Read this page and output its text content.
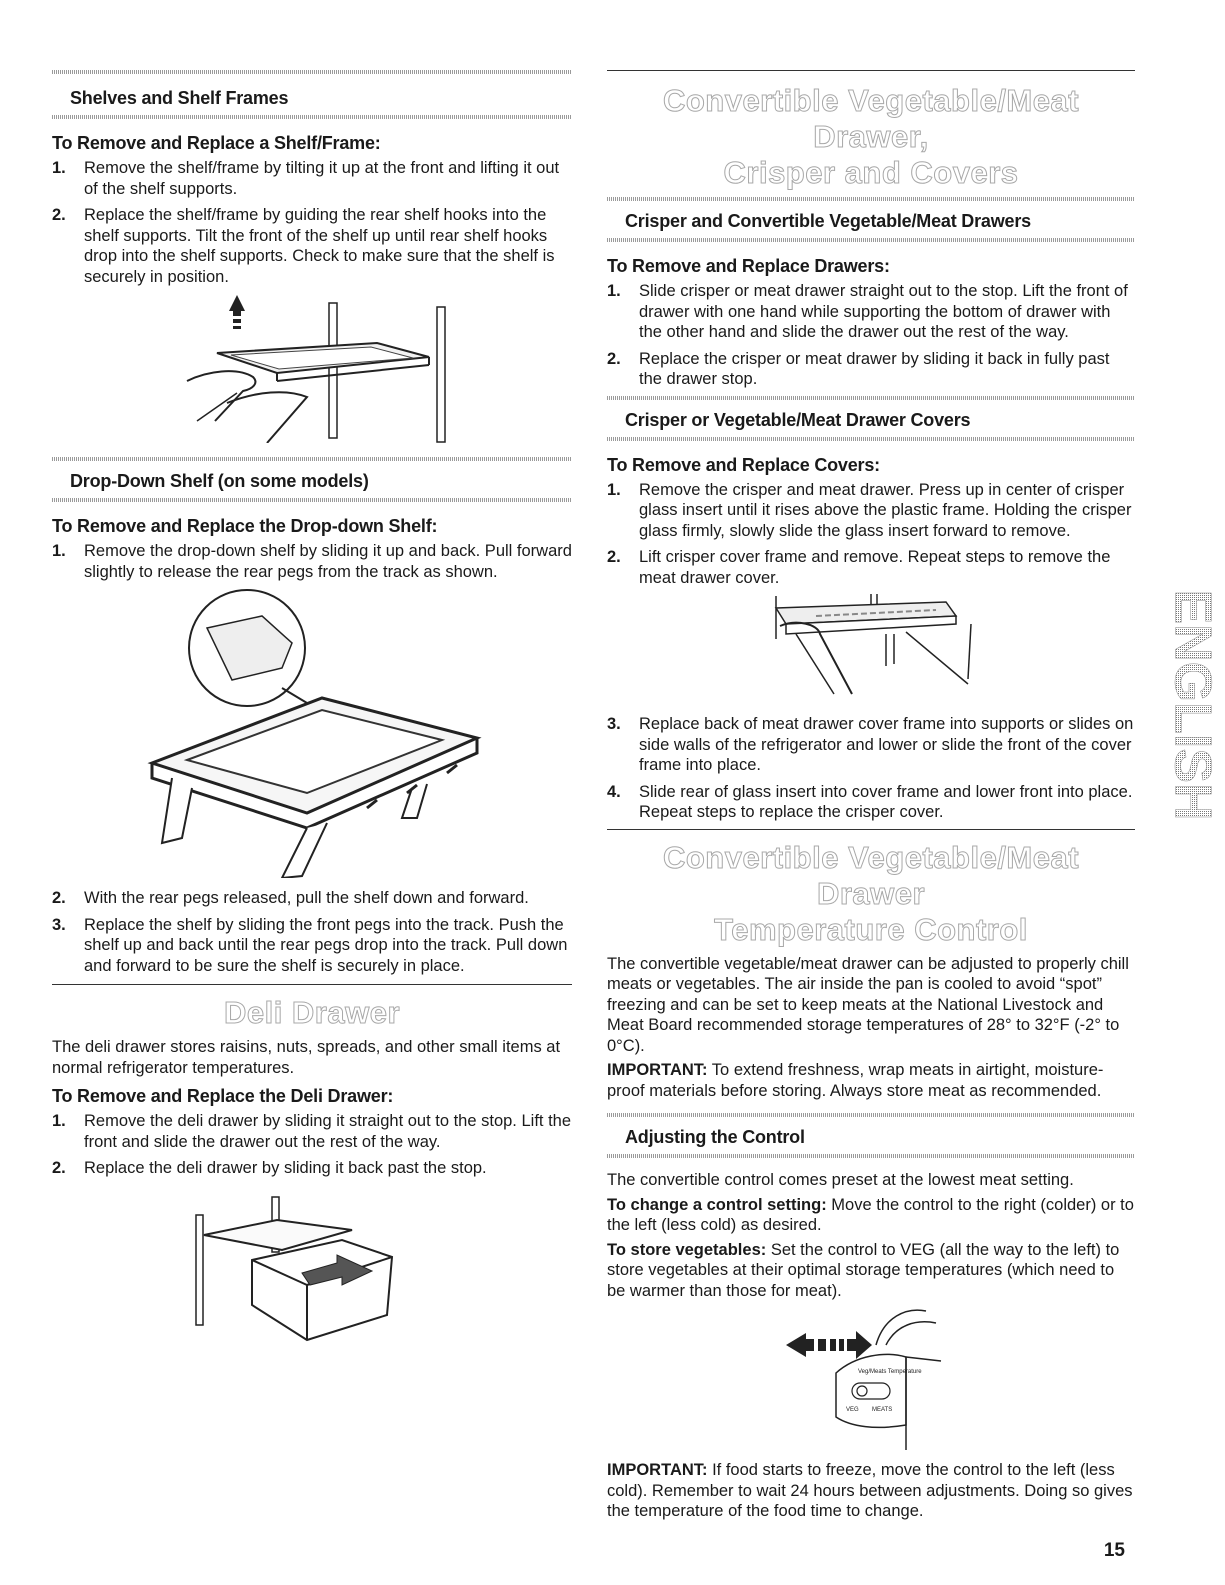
Shelves and Shelf Frames
To Remove and Replace a Shelf/Frame:
1. Remove the shelf/frame by tilting it up at the front and lifting it out of the shelf supports.
2. Replace the shelf/frame by guiding the rear shelf hooks into the shelf supports. Tilt the front of the shelf up until rear shelf hooks drop into the shelf supports. Check to make sure that the shelf is securely in position.
Drop-Down Shelf (on some models)
To Remove and Replace the Drop-down Shelf:
1. Remove the drop-down shelf by sliding it up and back. Pull forward slightly to release the rear pegs from the track as shown.
2. With the rear pegs released, pull the shelf down and forward.
3. Replace the shelf by sliding the front pegs into the track. Push the shelf up and back until the rear pegs drop into the track. Pull down and forward to be sure the shelf is securely in place.
Deli Drawer

The deli drawer stores raisins, nuts, spreads, and other small items at normal refrigerator temperatures.

To Remove and Replace the Deli Drawer:
1. Remove the deli drawer by sliding it straight out to the stop. Lift the front and slide the drawer out the rest of the way.
2. Replace the deli drawer by sliding it back past the stop.
Convertible Vegetable/Meat Drawer,
Crisper and Covers
Crisper and Convertible Vegetable/Meat Drawers
To Remove and Replace Drawers:
1. Slide crisper or meat drawer straight out to the stop. Lift the front of drawer with one hand while supporting the bottom of drawer with the other hand and slide the drawer out the rest of the way.
2. Replace the crisper or meat drawer by sliding it back in fully past the drawer stop.
Crisper or Vegetable/Meat Drawer Covers
To Remove and Replace Covers:
1. Remove the crisper and meat drawer. Press up in center of crisper glass insert until it rises above the plastic frame. Holding the crisper glass firmly, slowly slide the glass insert forward to remove.
2. Lift crisper cover frame and remove. Repeat steps to remove the meat drawer cover.
3. Replace back of meat drawer cover frame into supports or slides on side walls of the refrigerator and lower or slide the front of the cover frame into place.
4. Slide rear of glass insert into cover frame and lower front into place. Repeat steps to replace the crisper cover.
Convertible Vegetable/Meat Drawer
Temperature Control

The convertible vegetable/meat drawer can be adjusted to properly chill meats or vegetables. The air inside the pan is cooled to avoid “spot” freezing and can be set to keep meats at the National Livestock and Meat Board recommended storage temperatures of 28° to 32°F (-2° to 0°C).

IMPORTANT: To extend freshness, wrap meats in airtight, moisture-proof materials before storing. Always store meat as recommended.

Adjusting the Control

The convertible control comes preset at the lowest meat setting.

To change a control setting: Move the control to the right (colder) or to the left (less cold) as desired.

To store vegetables: Set the control to VEG (all the way to the left) to store vegetables at their optimal storage temperatures (which need to be warmer than those for meat).

Veg/Meats Temperature
VEG MEATS

IMPORTANT: If food starts to freeze, move the control to the left (less cold). Remember to wait 24 hours between adjustments. Doing so gives the temperature of the food time to change.

ENGLISH
15
